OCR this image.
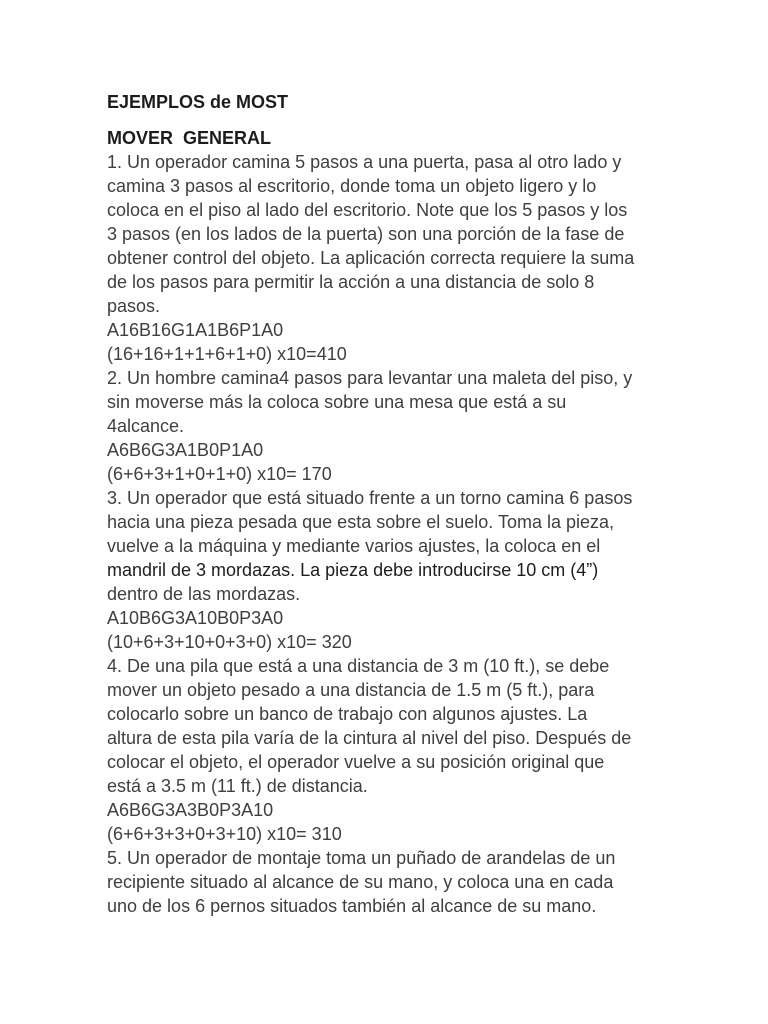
EJEMPLOS de MOST
MOVER  GENERAL
1. Un operador camina 5 pasos a una puerta, pasa al otro lado y
camina 3 pasos al escritorio, donde toma un objeto ligero y lo
coloca en el piso al lado del escritorio. Note que los 5 pasos y los
3 pasos (en los lados de la puerta) son una porción de la fase de
obtener control del objeto. La aplicación correcta requiere la suma
de los pasos para permitir la acción a una distancia de solo 8
pasos.
A16B16G1A1B6P1A0
(16+16+1+1+6+1+0) x10=410
2. Un hombre camina4 pasos para levantar una maleta del piso, y
sin moverse más la coloca sobre una mesa que está a su
4alcance.
A6B6G3A1B0P1A0
(6+6+3+1+0+1+0) x10= 170
3. Un operador que está situado frente a un torno camina 6 pasos
hacia una pieza pesada que esta sobre el suelo. Toma la pieza,
vuelve a la máquina y mediante varios ajustes, la coloca en el
mandril de 3 mordazas. La pieza debe introducirse 10 cm (4”)
dentro de las mordazas.
A10B6G3A10B0P3A0
(10+6+3+10+0+3+0) x10= 320
4. De una pila que está a una distancia de 3 m (10 ft.), se debe
mover un objeto pesado a una distancia de 1.5 m (5 ft.), para
colocarlo sobre un banco de trabajo con algunos ajustes. La
altura de esta pila varía de la cintura al nivel del piso. Después de
colocar el objeto, el operador vuelve a su posición original que
está a 3.5 m (11 ft.) de distancia.
A6B6G3A3B0P3A10
(6+6+3+3+0+3+10) x10= 310
5. Un operador de montaje toma un puñado de arandelas de un
recipiente situado al alcance de su mano, y coloca una en cada
uno de los 6 pernos situados también al alcance de su mano.
